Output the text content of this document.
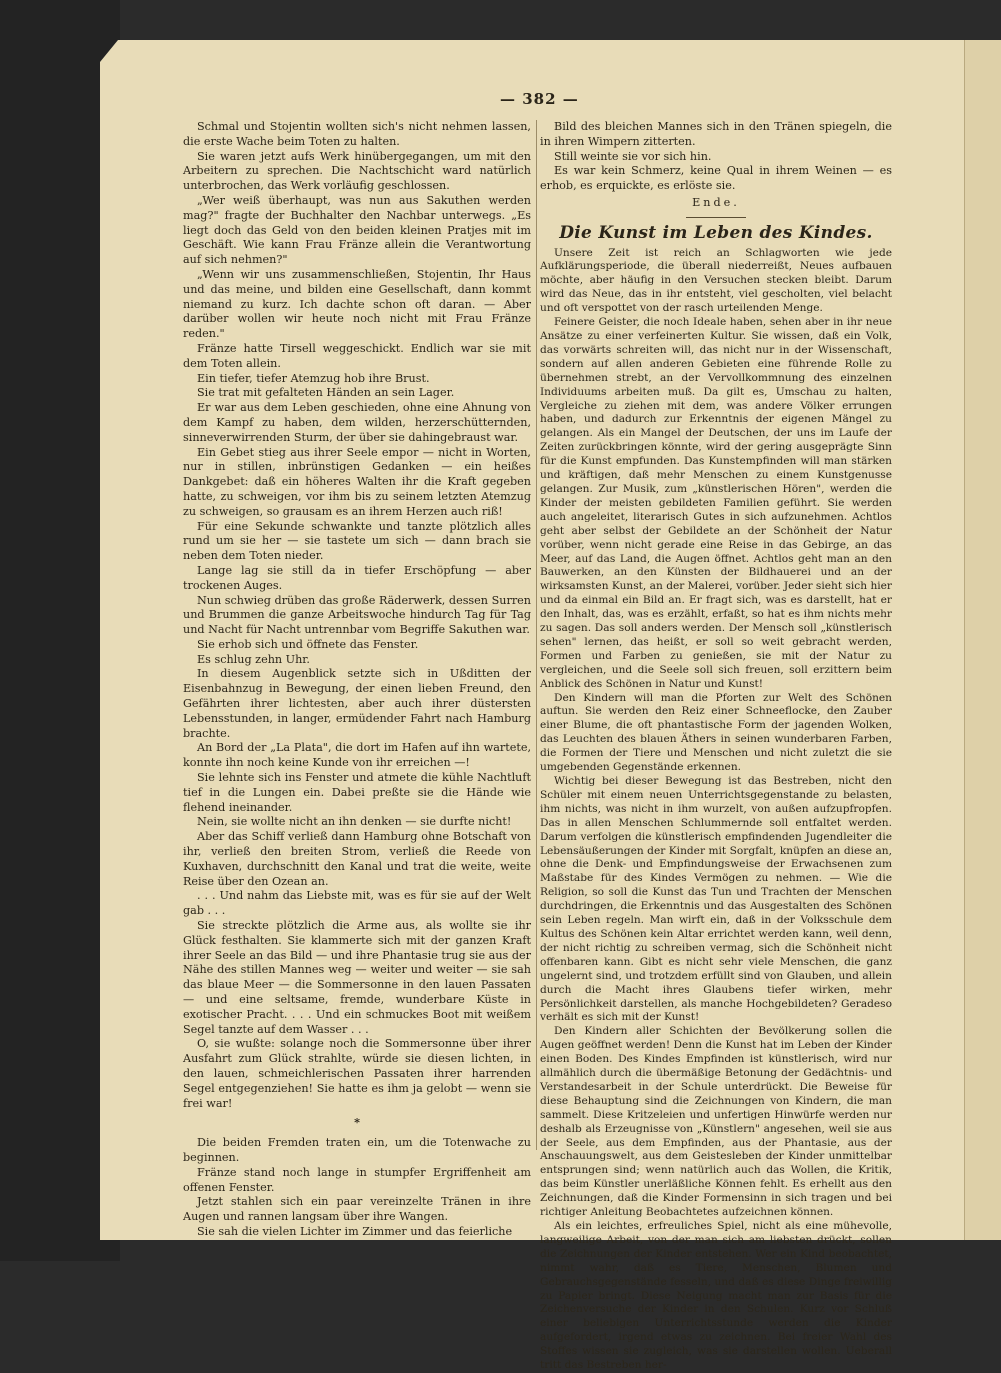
— 382 —

Schmal und Stojentin wollten sich's nicht nehmen lassen, die erste Wache beim Toten zu halten.

Sie waren jetzt aufs Werk hinübergegangen, um mit den Arbeitern zu sprechen. Die Nachtschicht ward natürlich unterbrochen, das Werk vorläufig geschlossen.

„Wer weiß überhaupt, was nun aus Sakuthen werden mag?" fragte der Buchhalter den Nachbar unterwegs. „Es liegt doch das Geld von den beiden kleinen Pratjes mit im Geschäft. Wie kann Frau Fränze allein die Verantwortung auf sich nehmen?"

„Wenn wir uns zusammenschließen, Stojentin, Ihr Haus und das meine, und bilden eine Gesellschaft, dann kommt niemand zu kurz. Ich dachte schon oft daran. — Aber darüber wollen wir heute noch nicht mit Frau Fränze reden."

Fränze hatte Tirsell weggeschickt. Endlich war sie mit dem Toten allein.

Ein tiefer, tiefer Atemzug hob ihre Brust.

Sie trat mit gefalteten Händen an sein Lager.

Er war aus dem Leben geschieden, ohne eine Ahnung von dem Kampf zu haben, dem wilden, herzerschütternden, sinneverwirrenden Sturm, der über sie dahingebraust war.

Ein Gebet stieg aus ihrer Seele empor — nicht in Worten, nur in stillen, inbrünstigen Gedanken — ein heißes Dankgebet: daß ein höheres Walten ihr die Kraft gegeben hatte, zu schweigen, vor ihm bis zu seinem letzten Atemzug zu schweigen, so grausam es an ihrem Herzen auch riß!

Für eine Sekunde schwankte und tanzte plötzlich alles rund um sie her — sie tastete um sich — dann brach sie neben dem Toten nieder.

Lange lag sie still da in tiefer Erschöpfung — aber trockenen Auges.

Nun schwieg drüben das große Räderwerk, dessen Surren und Brummen die ganze Arbeitswoche hindurch Tag für Tag und Nacht für Nacht untrennbar vom Begriffe Sakuthen war.

Sie erhob sich und öffnete das Fenster.

Es schlug zehn Uhr.

In diesem Augenblick setzte sich in Ußditten der Eisenbahnzug in Bewegung, der einen lieben Freund, den Gefährten ihrer lichtesten, aber auch ihrer düstersten Lebensstunden, in langer, ermüdender Fahrt nach Hamburg brachte.

An Bord der „La Plata", die dort im Hafen auf ihn wartete, konnte ihn noch keine Kunde von ihr erreichen —!

Sie lehnte sich ins Fenster und atmete die kühle Nachtluft tief in die Lungen ein. Dabei preßte sie die Hände wie flehend ineinander.

Nein, sie wollte nicht an ihn denken — sie durfte nicht!

Aber das Schiff verließ dann Hamburg ohne Botschaft von ihr, verließ den breiten Strom, verließ die Reede von Kuxhaven, durchschnitt den Kanal und trat die weite, weite Reise über den Ozean an.

. . . Und nahm das Liebste mit, was es für sie auf der Welt gab . . .

Sie streckte plötzlich die Arme aus, als wollte sie ihr Glück festhalten. Sie klammerte sich mit der ganzen Kraft ihrer Seele an das Bild — und ihre Phantasie trug sie aus der Nähe des stillen Mannes weg — weiter und weiter — sie sah das blaue Meer — die Sommersonne in den lauen Passaten — und eine seltsame, fremde, wunderbare Küste in exotischer Pracht. . . . Und ein schmuckes Boot mit weißem Segel tanzte auf dem Wasser . . .

O, sie wußte: solange noch die Sommersonne über ihrer Ausfahrt zum Glück strahlte, würde sie diesen lichten, in den lauen, schmeichlerischen Passaten ihrer harrenden Segel entgegenziehen! Sie hatte es ihm ja gelobt — wenn sie frei war!

*

Die beiden Fremden traten ein, um die Totenwache zu beginnen.

Fränze stand noch lange in stumpfer Ergriffenheit am offenen Fenster.

Jetzt stahlen sich ein paar vereinzelte Tränen in ihre Augen und rannen langsam über ihre Wangen.

Sie sah die vielen Lichter im Zimmer und das feierliche

Bild des bleichen Mannes sich in den Tränen spiegeln, die in ihren Wimpern zitterten.

Still weinte sie vor sich hin.

Es war kein Schmerz, keine Qual in ihrem Weinen — es erhob, es erquickte, es erlöste sie.

Ende.
Die Kunst im Leben des Kindes.

Unsere Zeit ist reich an Schlagworten wie jede Aufklärungsperiode, die überall niederreißt, Neues aufbauen möchte, aber häufig in den Versuchen stecken bleibt. Darum wird das Neue, das in ihr entsteht, viel gescholten, viel belacht und oft verspottet von der rasch urteilenden Menge.

Feinere Geister, die noch Ideale haben, sehen aber in ihr neue Ansätze zu einer verfeinerten Kultur. Sie wissen, daß ein Volk, das vorwärts schreiten will, das nicht nur in der Wissenschaft, sondern auf allen anderen Gebieten eine führende Rolle zu übernehmen strebt, an der Vervollkommnung des einzelnen Individuums arbeiten muß. Da gilt es, Umschau zu halten, Vergleiche zu ziehen mit dem, was andere Völker errungen haben, und dadurch zur Erkenntnis der eigenen Mängel zu gelangen. Als ein Mangel der Deutschen, der uns im Laufe der Zeiten zurückbringen könnte, wird der gering ausgeprägte Sinn für die Kunst empfunden. Das Kunstempfinden will man stärken und kräftigen, daß mehr Menschen zu einem Kunstgenusse gelangen. Zur Musik, zum „künstlerischen Hören", werden die Kinder der meisten gebildeten Familien geführt. Sie werden auch angeleitet, literarisch Gutes in sich aufzunehmen. Achtlos geht aber selbst der Gebildete an der Schönheit der Natur vorüber, wenn nicht gerade eine Reise in das Gebirge, an das Meer, auf das Land, die Augen öffnet. Achtlos geht man an den Bauwerken, an den Künsten der Bildhauerei und an der wirksamsten Kunst, an der Malerei, vorüber. Jeder sieht sich hier und da einmal ein Bild an. Er fragt sich, was es darstellt, hat er den Inhalt, das, was es erzählt, erfaßt, so hat es ihm nichts mehr zu sagen. Das soll anders werden. Der Mensch soll „künstlerisch sehen" lernen, das heißt, er soll so weit gebracht werden, Formen und Farben zu genießen, sie mit der Natur zu vergleichen, und die Seele soll sich freuen, soll erzittern beim Anblick des Schönen in Natur und Kunst!

Den Kindern will man die Pforten zur Welt des Schönen auftun. Sie werden den Reiz einer Schneeflocke, den Zauber einer Blume, die oft phantastische Form der jagenden Wolken, das Leuchten des blauen Äthers in seinen wunderbaren Farben, die Formen der Tiere und Menschen und nicht zuletzt die sie umgebenden Gegenstände erkennen.

Wichtig bei dieser Bewegung ist das Bestreben, nicht den Schüler mit einem neuen Unterrichtsgegenstande zu belasten, ihm nichts, was nicht in ihm wurzelt, von außen aufzupfropfen. Das in allen Menschen Schlummernde soll entfaltet werden. Darum verfolgen die künstlerisch empfindenden Jugendleiter die Lebensäußerungen der Kinder mit Sorgfalt, knüpfen an diese an, ohne die Denk- und Empfindungsweise der Erwachsenen zum Maßstabe für des Kindes Vermögen zu nehmen. — Wie die Religion, so soll die Kunst das Tun und Trachten der Menschen durchdringen, die Erkenntnis und das Ausgestalten des Schönen sein Leben regeln. Man wirft ein, daß in der Volksschule dem Kultus des Schönen kein Altar errichtet werden kann, weil denn, der nicht richtig zu schreiben vermag, sich die Schönheit nicht offenbaren kann. Gibt es nicht sehr viele Menschen, die ganz ungelernt sind, und trotzdem erfüllt sind von Glauben, und allein durch die Macht ihres Glaubens tiefer wirken, mehr Persönlichkeit darstellen, als manche Hochgebildeten? Geradeso verhält es sich mit der Kunst!

Den Kindern aller Schichten der Bevölkerung sollen die Augen geöffnet werden! Denn die Kunst hat im Leben der Kinder einen Boden. Des Kindes Empfinden ist künstlerisch, wird nur allmählich durch die übermäßige Betonung der Gedächtnis- und Verstandesarbeit in der Schule unterdrückt. Die Beweise für diese Behauptung sind die Zeichnungen von Kindern, die man sammelt. Diese Kritzeleien und unfertigen Hinwürfe werden nur deshalb als Erzeugnisse von „Künstlern" angesehen, weil sie aus der Seele, aus dem Empfinden, aus der Phantasie, aus der Anschauungswelt, aus dem Geistesleben der Kinder unmittelbar entsprungen sind; wenn natürlich auch das Wollen, die Kritik, das beim Künstler unerläßliche Können fehlt. Es erhellt aus den Zeichnungen, daß die Kinder Formensinn in sich tragen und bei richtiger Anleitung Beobachtetes aufzeichnen können.

Als ein leichtes, erfreuliches Spiel, nicht als eine mühevolle, langweilige Arbeit, von der man sich am liebsten drückt, sollen die Zeichnungen der Kinder entstehen. Wer ein Kind beobachtet, nimmt wahr, daß es Tiere, Menschen, Blumen und Gebrauchsgegenstände fesseln, und daß es diese Dinge freiwillig zu Papier bringt. Diese Neigung macht man zur Basis für die Zeichenversuche der Kinder in den Schulen. Kurz vor Schluß einer beliebigen Unterrichtsstunde werden die Kinder aufgefordert, irgend etwas zu zeichnen. Bei freier Wahl des Stoffes wissen sie zugleich, was sie darstellen wollen. Ueberall tritt das Bestreben her-
